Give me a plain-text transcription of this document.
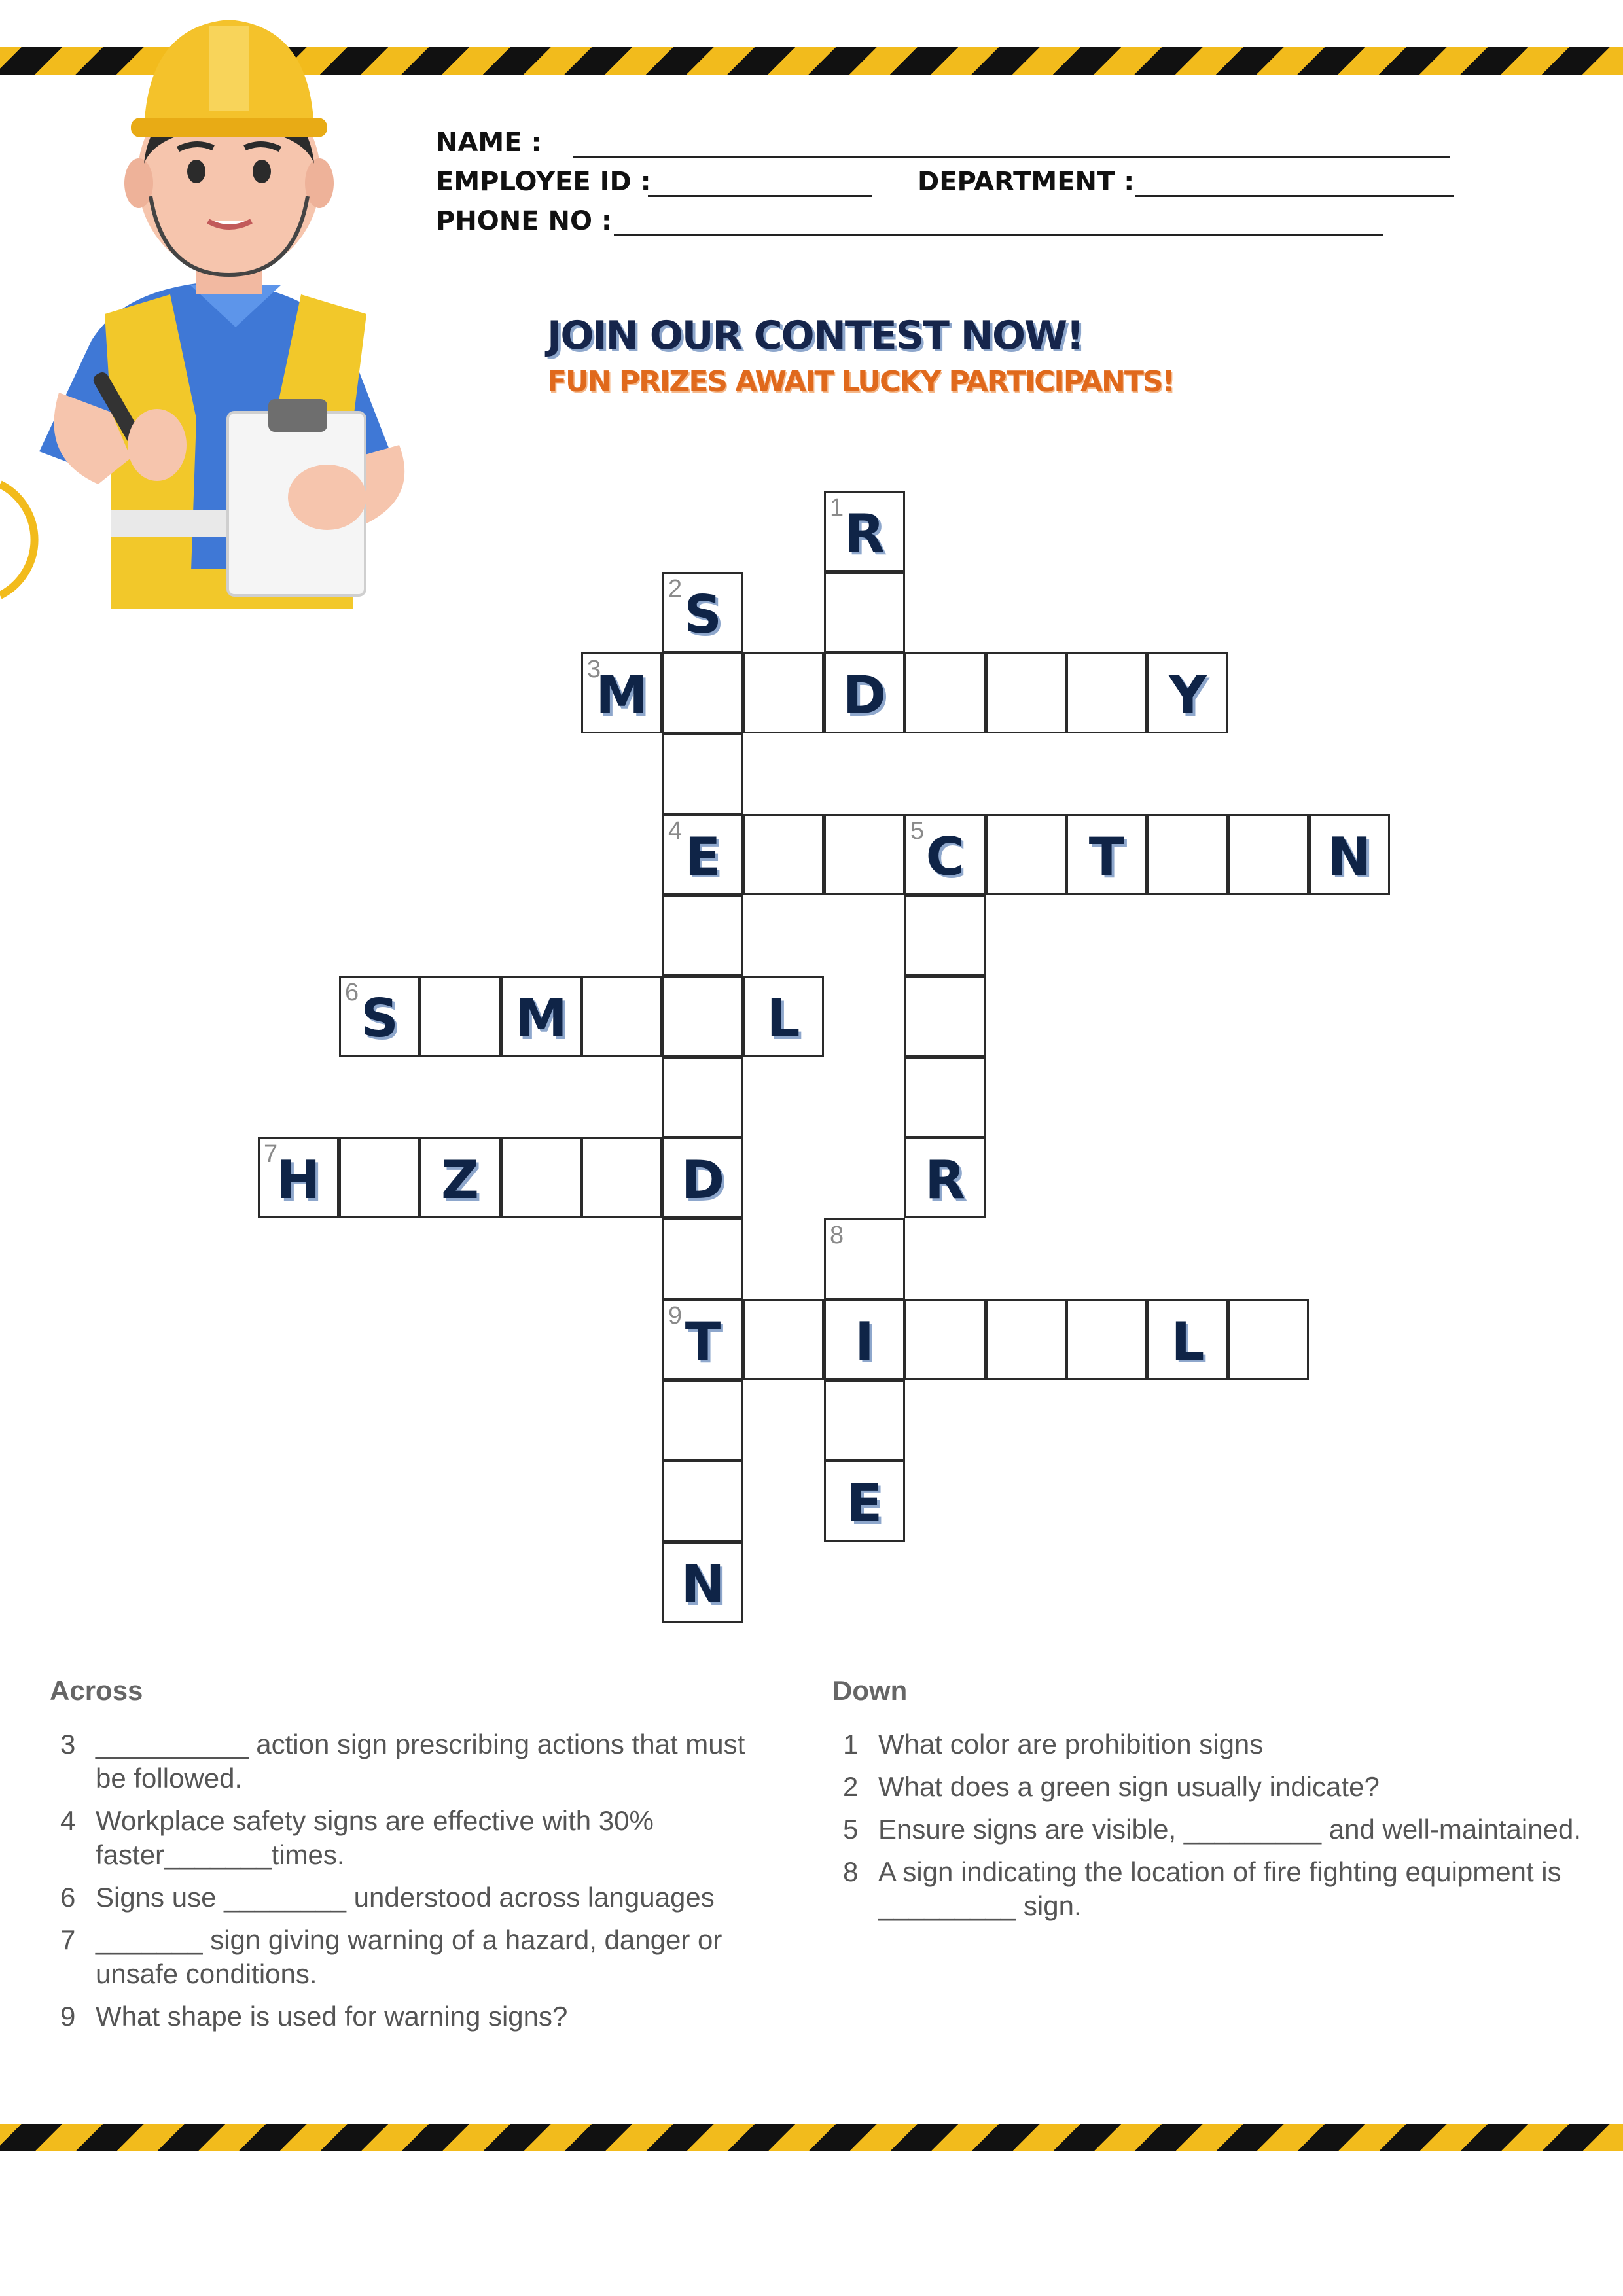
NAME :
EMPLOYEE ID :	DEPARTMENT :
PHONE NO :
JOIN OUR CONTEST NOW!
FUN PRIZES AWAIT LUCKY PARTICIPANTS!
1 R
2 S
3
M	D	Y
4 E	5 C	T	N
6 S	M	L
7
H	Z	D	R
8
9 T	I	L
E
N
Across
3 __________ action sign prescribing actions that must be followed.
4 Workplace safety signs are effective with 30% faster_______times.
6 Signs use ________ understood across languages
7 _______ sign giving warning of a hazard, danger or unsafe conditions.
9 What shape is used for warning signs?
Down
1 What color are prohibition signs
2 What does a green sign usually indicate?
5 Ensure signs are visible, _________ and well-maintained.
8 A sign indicating the location of fire fighting equipment is _________ sign.
